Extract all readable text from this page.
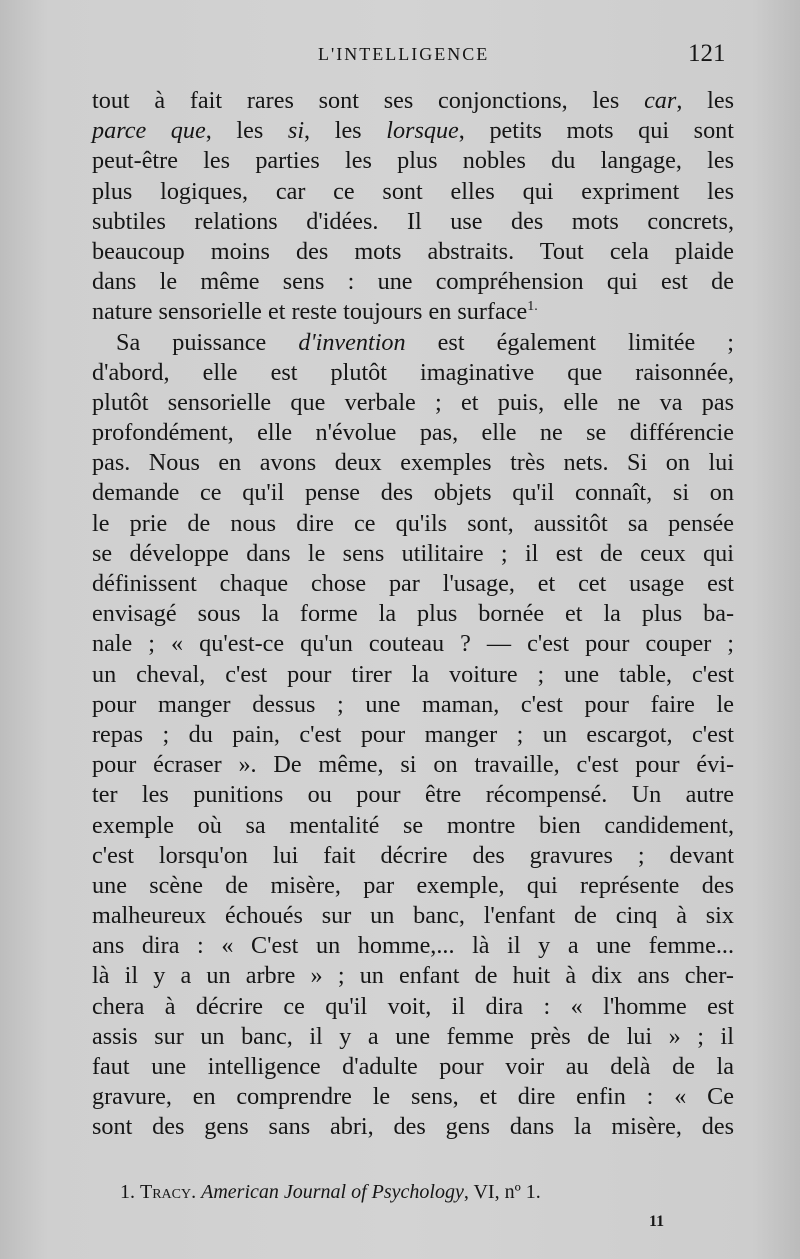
L'INTELLIGENCE	121
tout à fait rares sont ses conjonctions, les car, les
parce que, les si, les lorsque, petits mots qui sont
peut-être les parties les plus nobles du langage, les
plus logiques, car ce sont elles qui expriment les
subtiles relations d'idées. Il use des mots concrets,
beaucoup moins des mots abstraits. Tout cela plaide
dans le même sens : une compréhension qui est de
nature sensorielle et reste toujours en surface$^{1.}$
Sa puissance d'invention est également limitée ;
d'abord, elle est plutôt imaginative que raisonnée,
plutôt sensorielle que verbale ; et puis, elle ne va pas
profondément, elle n'évolue pas, elle ne se différencie
pas. Nous en avons deux exemples très nets. Si on lui
demande ce qu'il pense des objets qu'il connaît, si on
le prie de nous dire ce qu'ils sont, aussitôt sa pensée
se développe dans le sens utilitaire ; il est de ceux qui
définissent chaque chose par l'usage, et cet usage est
envisagé sous la forme la plus bornée et la plus ba-
nale ; « qu'est-ce qu'un couteau ? — c'est pour couper ;
un cheval, c'est pour tirer la voiture ; une table, c'est
pour manger dessus ; une maman, c'est pour faire le
repas ; du pain, c'est pour manger ; un escargot, c'est
pour écraser ». De même, si on travaille, c'est pour évi-
ter les punitions ou pour être récompensé. Un autre
exemple où sa mentalité se montre bien candidement,
c'est lorsqu'on lui fait décrire des gravures ; devant
une scène de misère, par exemple, qui représente des
malheureux échoués sur un banc, l'enfant de cinq à six
ans dira : « C'est un homme,... là il y a une femme...
là il y a un arbre » ; un enfant de huit à dix ans cher-
chera à décrire ce qu'il voit, il dira : « l'homme est
assis sur un banc, il y a une femme près de lui » ; il
faut une intelligence d'adulte pour voir au delà de la
gravure, en comprendre le sens, et dire enfin : « Ce
sont des gens sans abri, des gens dans la misère, des
1. Tracy. American Journal of Psychology, VI, nº 1.
11
